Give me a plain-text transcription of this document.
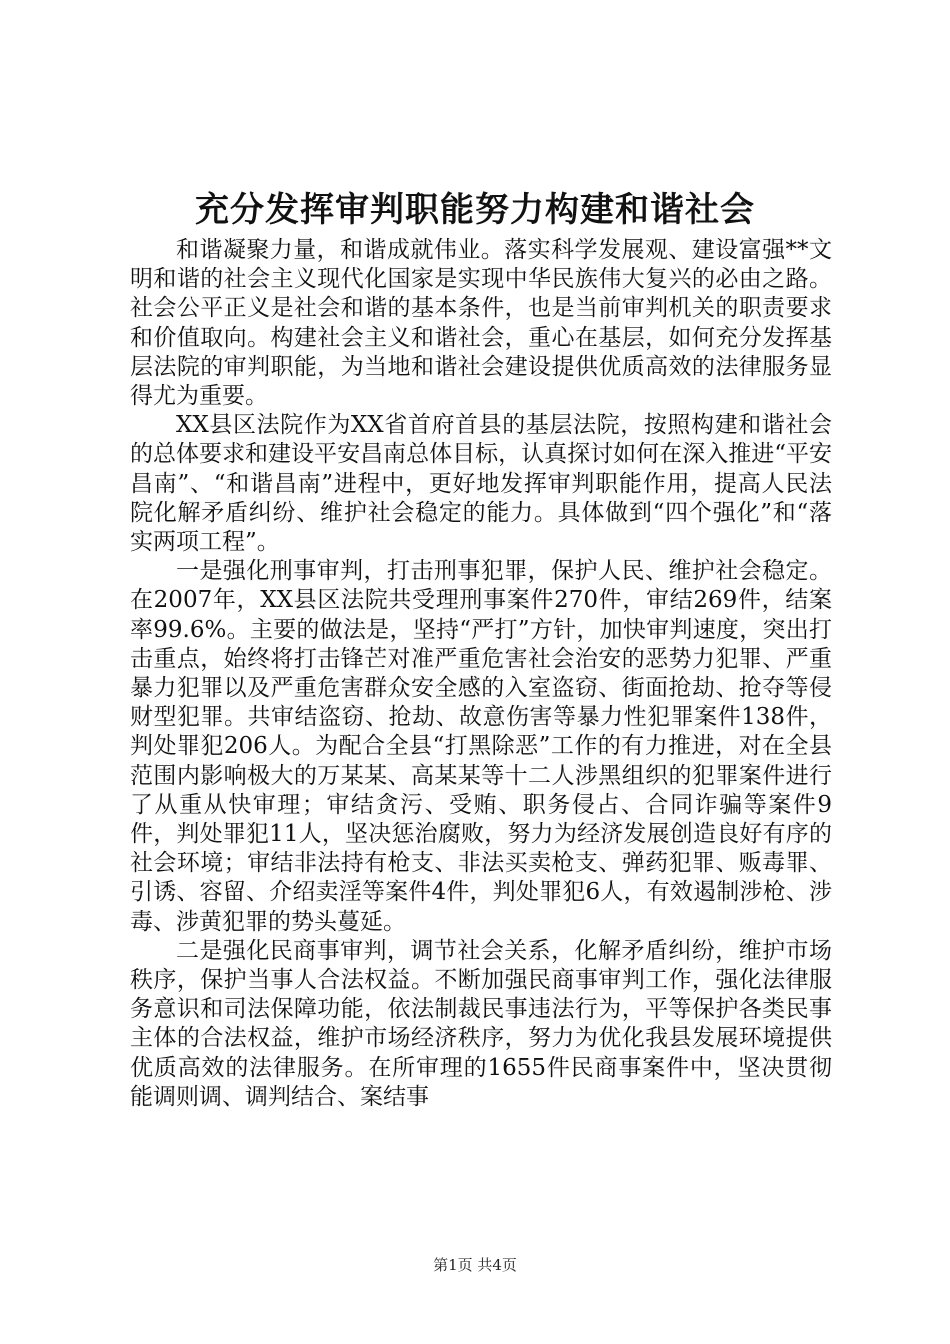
充分发挥审判职能努力构建和谐社会

和谐凝聚力量，和谐成就伟业。落实科学发展观、建设富强**文明和谐的社会主义现代化国家是实现中华民族伟大复兴的必由之路。社会公平正义是社会和谐的基本条件，也是当前审判机关的职责要求和价值取向。构建社会主义和谐社会，重心在基层，如何充分发挥基层法院的审判职能，为当地和谐社会建设提供优质高效的法律服务显得尤为重要。

XX县区法院作为XX省首府首县的基层法院，按照构建和谐社会的总体要求和建设平安昌南总体目标，认真探讨如何在深入推进“平安昌南”、“和谐昌南”进程中，更好地发挥审判职能作用，提高人民法院化解矛盾纠纷、维护社会稳定的能力。具体做到“四个强化”和“落实两项工程”。

一是强化刑事审判，打击刑事犯罪，保护人民、维护社会稳定。在2007年，XX县区法院共受理刑事案件270件，审结269件，结案率99.6%。主要的做法是，坚持“严打”方针，加快审判速度，突出打击重点，始终将打击锋芒对准严重危害社会治安的恶势力犯罪、严重暴力犯罪以及严重危害群众安全感的入室盗窃、街面抢劫、抢夺等侵财型犯罪。共审结盗窃、抢劫、故意伤害等暴力性犯罪案件138件，判处罪犯206人。为配合全县“打黑除恶”工作的有力推进，对在全县范围内影响极大的万某某、高某某等十二人涉黑组织的犯罪案件进行了从重从快审理；审结贪污、受贿、职务侵占、合同诈骗等案件9件，判处罪犯11人，坚决惩治腐败，努力为经济发展创造良好有序的社会环境；审结非法持有枪支、非法买卖枪支、弹药犯罪、贩毒罪、引诱、容留、介绍卖淫等案件4件，判处罪犯6人，有效遏制涉枪、涉毒、涉黄犯罪的势头蔓延。

二是强化民商事审判，调节社会关系，化解矛盾纠纷，维护市场秩序，保护当事人合法权益。不断加强民商事审判工作，强化法律服务意识和司法保障功能，依法制裁民事违法行为，平等保护各类民事主体的合法权益，维护市场经济秩序，努力为优化我县发展环境提供优质高效的法律服务。在所审理的1655件民商事案件中，坚决贯彻能调则调、调判结合、案结事

第1页 共4页
